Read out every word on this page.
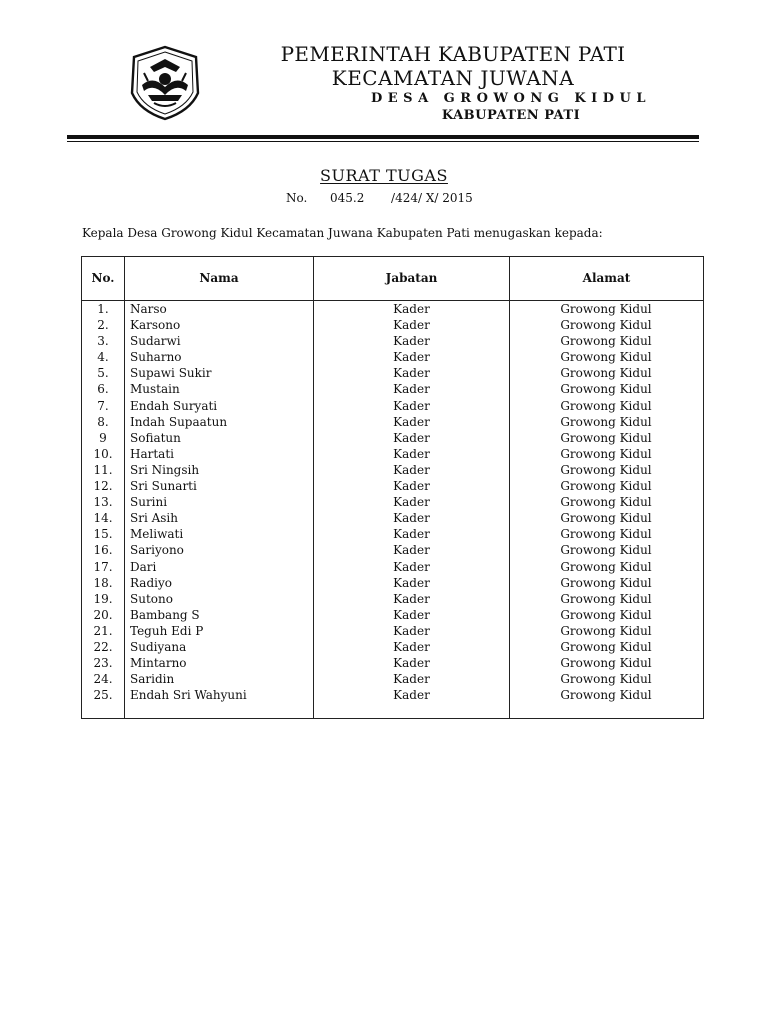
PEMERINTAH KABUPATEN PATI
KECAMATAN JUWANA
DESA GROWONG KIDUL
KABUPATEN PATI
SURAT TUGAS
No. 045.2       /424/ X/ 2015
Kepala Desa Growong Kidul Kecamatan Juwana Kabupaten Pati menugaskan kepada:
No.	Nama	Jabatan	Alamat
1.	Narso	Kader	Growong Kidul
2.	Karsono	Kader	Growong Kidul
3.	Sudarwi	Kader	Growong Kidul
4.	Suharno	Kader	Growong Kidul
5.	Supawi Sukir	Kader	Growong Kidul
6.	Mustain	Kader	Growong Kidul
7.	Endah Suryati	Kader	Growong Kidul
8.	Indah Supaatun	Kader	Growong Kidul
9	Sofiatun	Kader	Growong Kidul
10.	Hartati	Kader	Growong Kidul
11.	Sri Ningsih	Kader	Growong Kidul
12.	Sri Sunarti	Kader	Growong Kidul
13.	Surini	Kader	Growong Kidul
14.	Sri Asih	Kader	Growong Kidul
15.	Meliwati	Kader	Growong Kidul
16.	Sariyono	Kader	Growong Kidul
17.	Dari	Kader	Growong Kidul
18.	Radiyo	Kader	Growong Kidul
19.	Sutono	Kader	Growong Kidul
20.	Bambang S	Kader	Growong Kidul
21.	Teguh Edi P	Kader	Growong Kidul
22.	Sudiyana	Kader	Growong Kidul
23.	Mintarno	Kader	Growong Kidul
24.	Saridin	Kader	Growong Kidul
25.	Endah Sri Wahyuni	Kader	Growong Kidul
